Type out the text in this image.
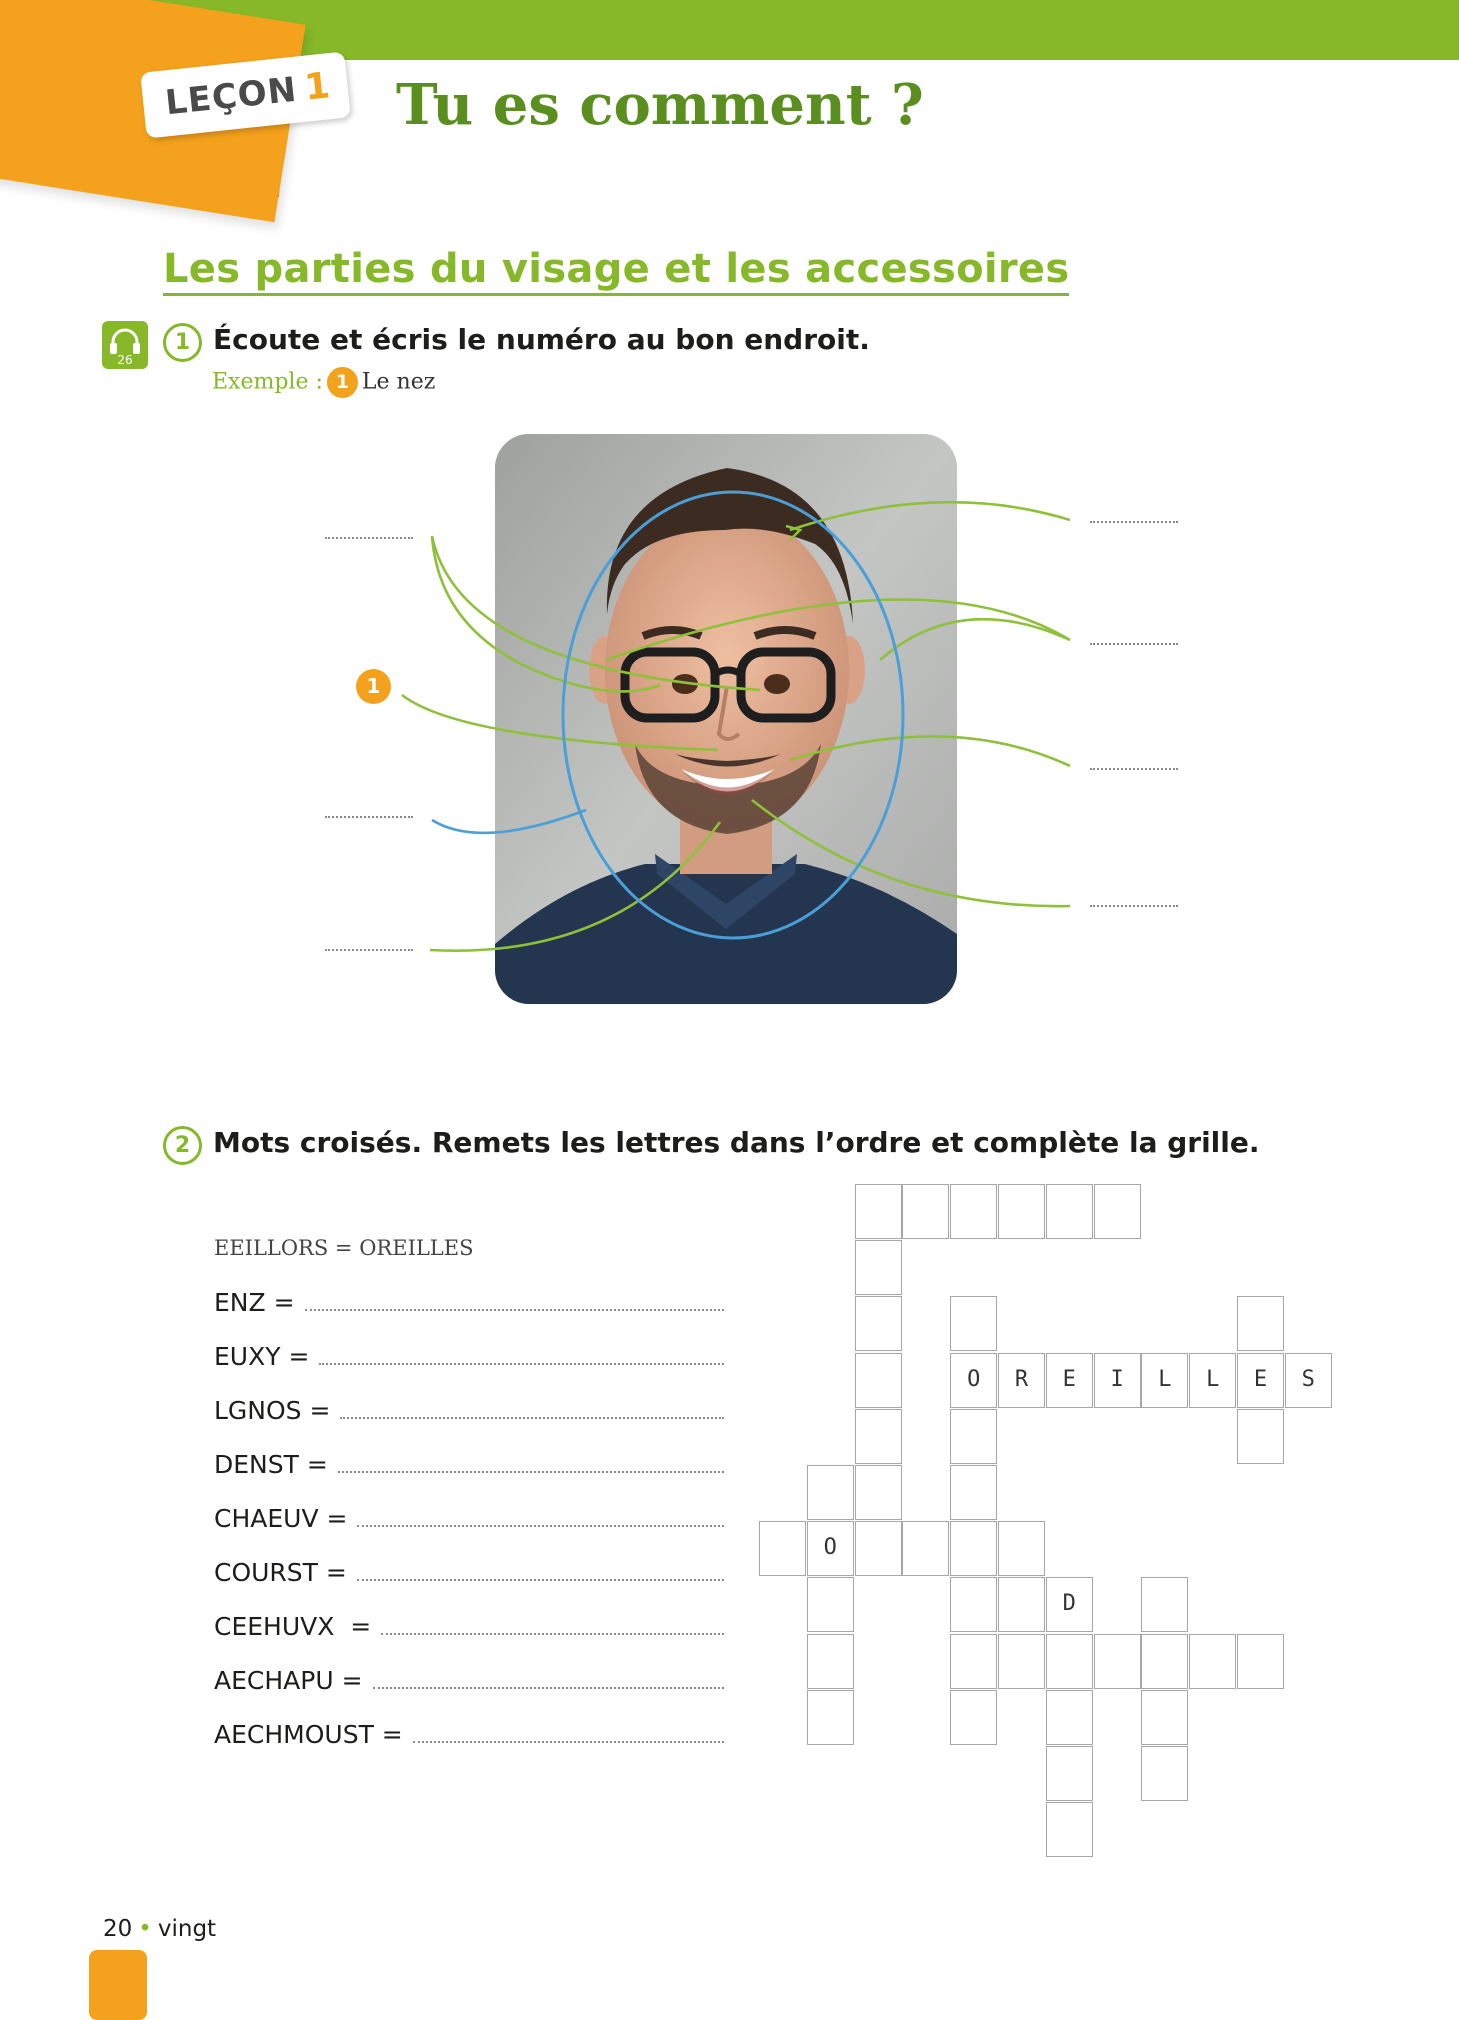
LEÇON 1 Tu es comment ?
Les parties du visage et les accessoires
26
1 Écoute et écris le numéro au bon endroit.
Exemple : 1 Le nez
1
2 Mots croisés. Remets les lettres dans l’ordre et complète la grille.
EEILLORS = OREILLES
ENZ =
EUXY =
LGNOS =
DENST =
CHAEUV =
COURST =
CEEHUVX  =
AECHAPU =
AECHMOUST =
O	R	E	I	L	L	E	S
O
D
20 • vingt
